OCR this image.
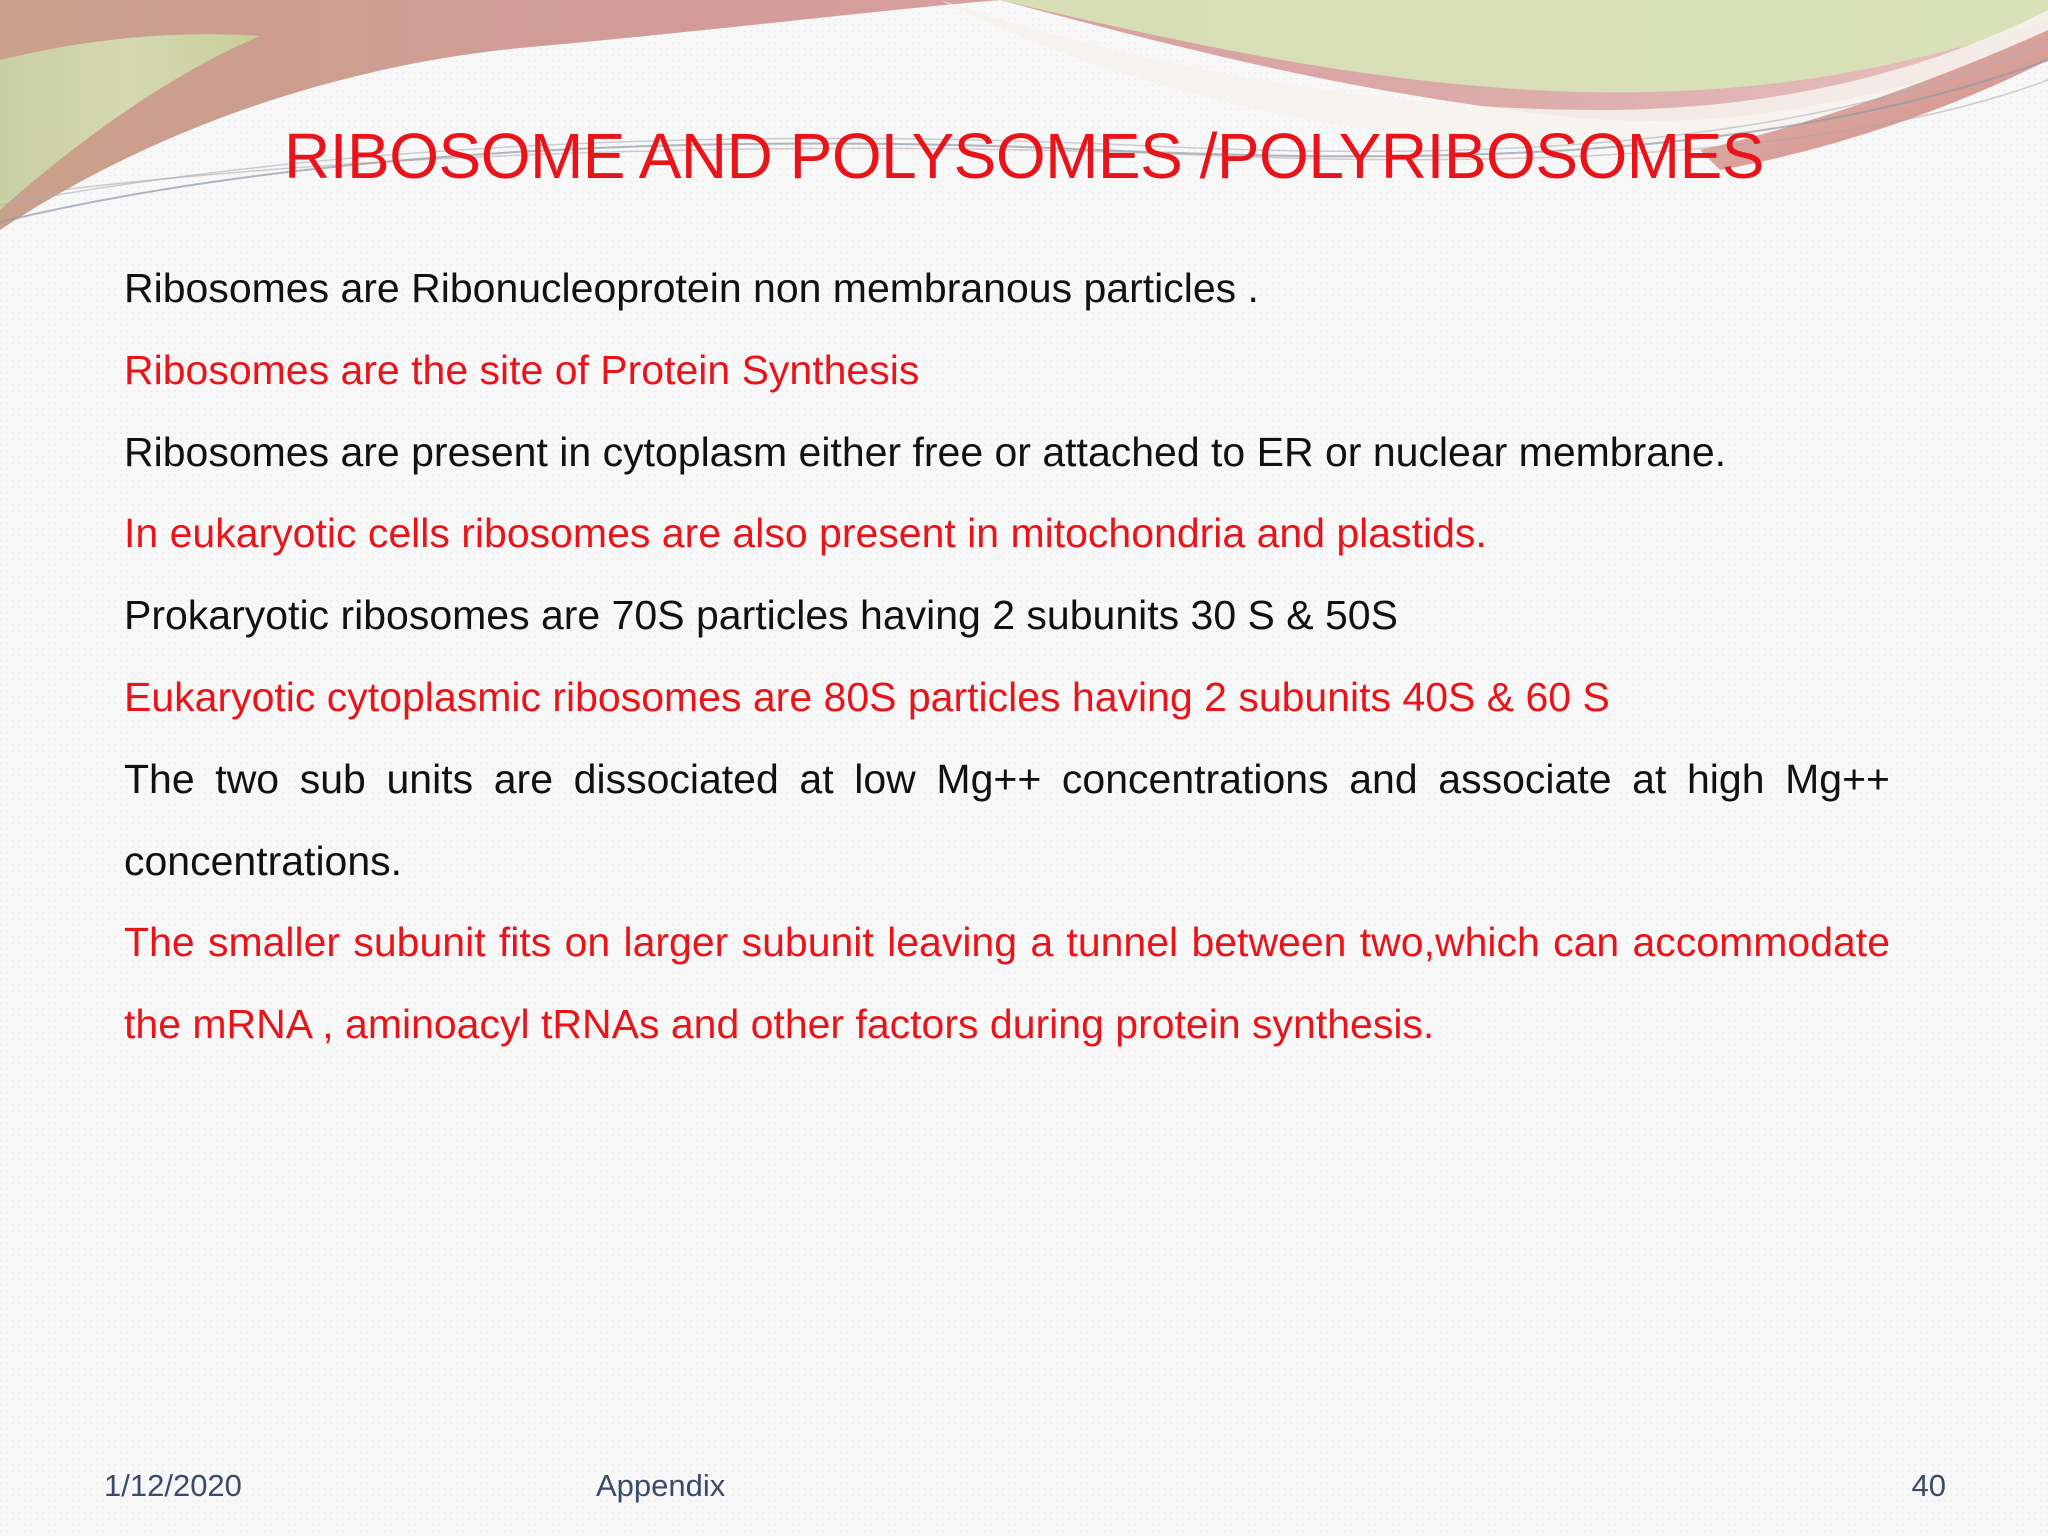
RIBOSOME AND POLYSOMES /POLYRIBOSOMES

Ribosomes are Ribonucleoprotein non membranous particles .

Ribosomes are the site of Protein Synthesis

Ribosomes are present in cytoplasm either free or attached to ER or nuclear membrane.

In eukaryotic cells ribosomes are also present in mitochondria and plastids.

Prokaryotic ribosomes are 70S particles having 2 subunits 30 S & 50S

Eukaryotic cytoplasmic ribosomes are 80S particles having 2 subunits 40S & 60 S

The two sub units are dissociated at low Mg++ concentrations and associate at high Mg++ concentrations.

The smaller subunit fits on larger subunit leaving a tunnel between two,which can accommodate the mRNA , aminoacyl tRNAs and other factors during protein synthesis.

1/12/2020	Appendix	40
